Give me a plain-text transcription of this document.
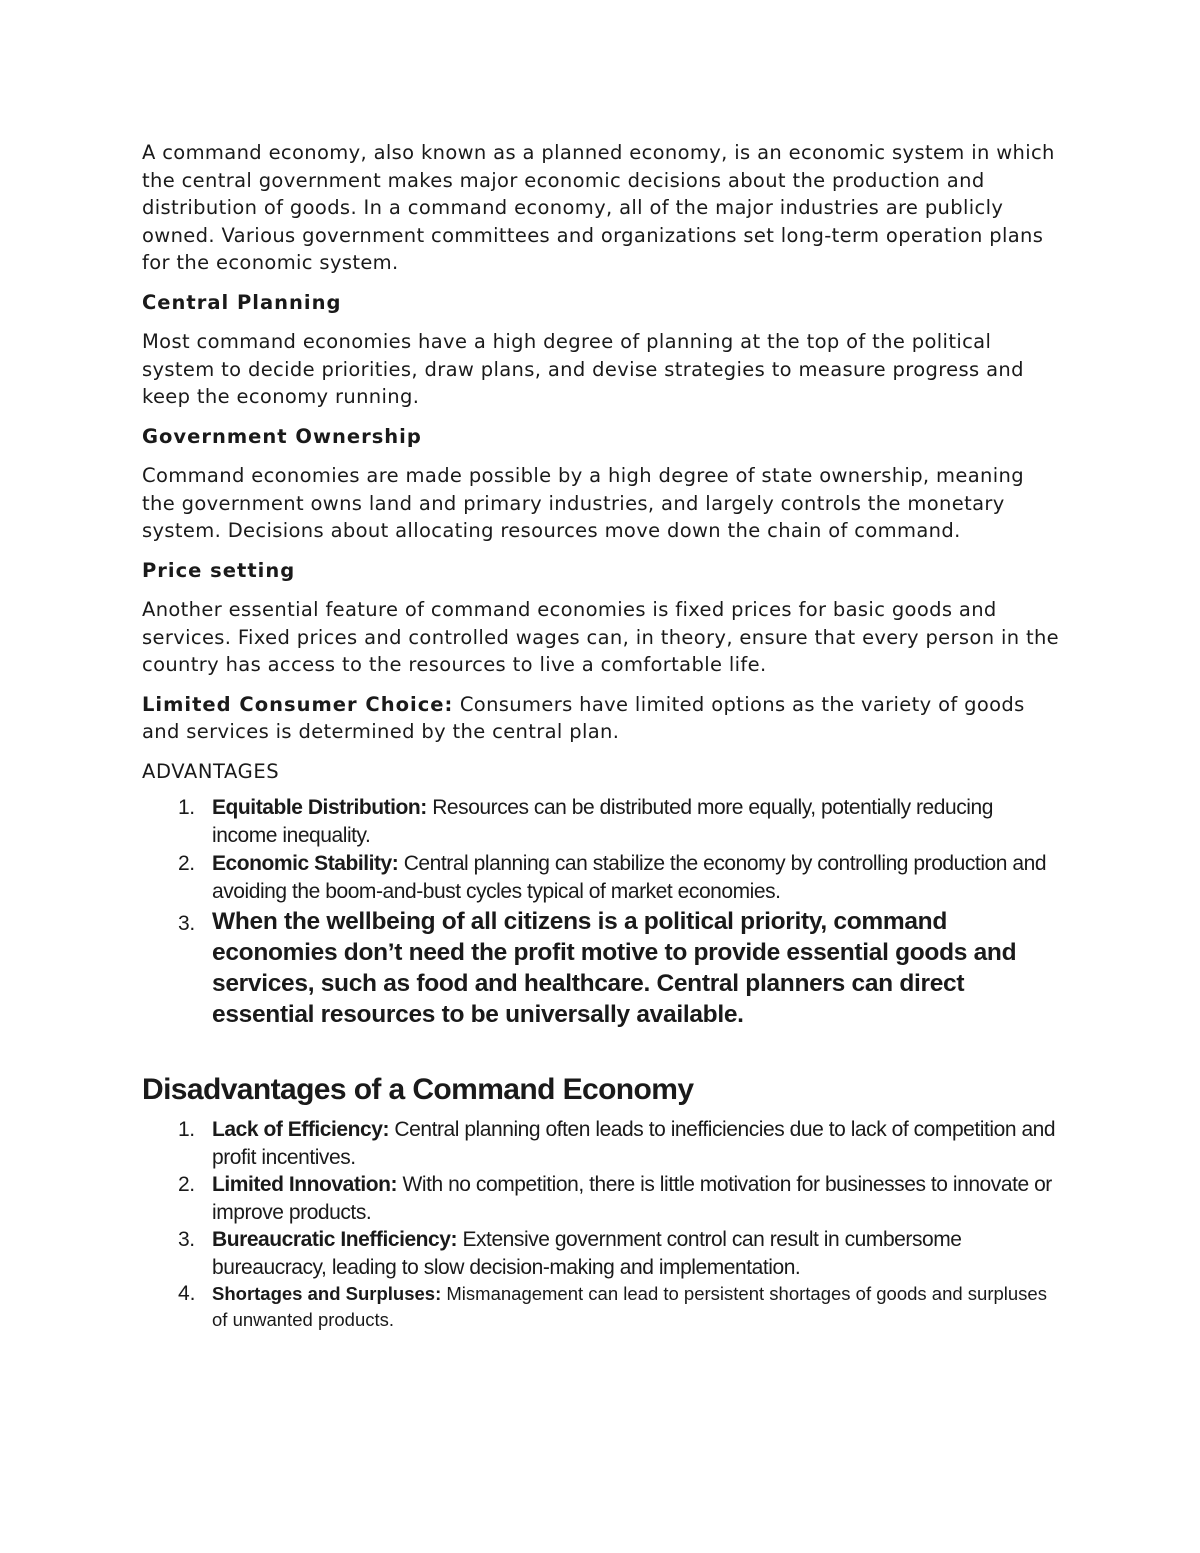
A command economy, also known as a planned economy, is an economic system in which the central government makes major economic decisions about the production and distribution of goods. In a command economy, all of the major industries are publicly owned. Various government committees and organizations set long-term operation plans for the economic system.

Central Planning

Most command economies have a high degree of planning at the top of the political system to decide priorities, draw plans, and devise strategies to measure progress and keep the economy running.

Government Ownership

Command economies are made possible by a high degree of state ownership, meaning the government owns land and primary industries, and largely controls the monetary system. Decisions about allocating resources move down the chain of command.

Price setting

Another essential feature of command economies is fixed prices for basic goods and services. Fixed prices and controlled wages can, in theory, ensure that every person in the country has access to the resources to live a comfortable life.

Limited Consumer Choice: Consumers have limited options as the variety of goods and services is determined by the central plan.

ADVANTAGES

1. Equitable Distribution: Resources can be distributed more equally, potentially reducing income inequality.
2. Economic Stability: Central planning can stabilize the economy by controlling production and avoiding the boom-and-bust cycles typical of market economies.
3. When the wellbeing of all citizens is a political priority, command economies don’t need the profit motive to provide essential goods and services, such as food and healthcare. Central planners can direct essential resources to be universally available.
Disadvantages of a Command Economy
1. Lack of Efficiency: Central planning often leads to inefficiencies due to lack of competition and profit incentives.
2. Limited Innovation: With no competition, there is little motivation for businesses to innovate or improve products.
3. Bureaucratic Inefficiency: Extensive government control can result in cumbersome bureaucracy, leading to slow decision-making and implementation.
4. Shortages and Surpluses: Mismanagement can lead to persistent shortages of goods and surpluses of unwanted products.
